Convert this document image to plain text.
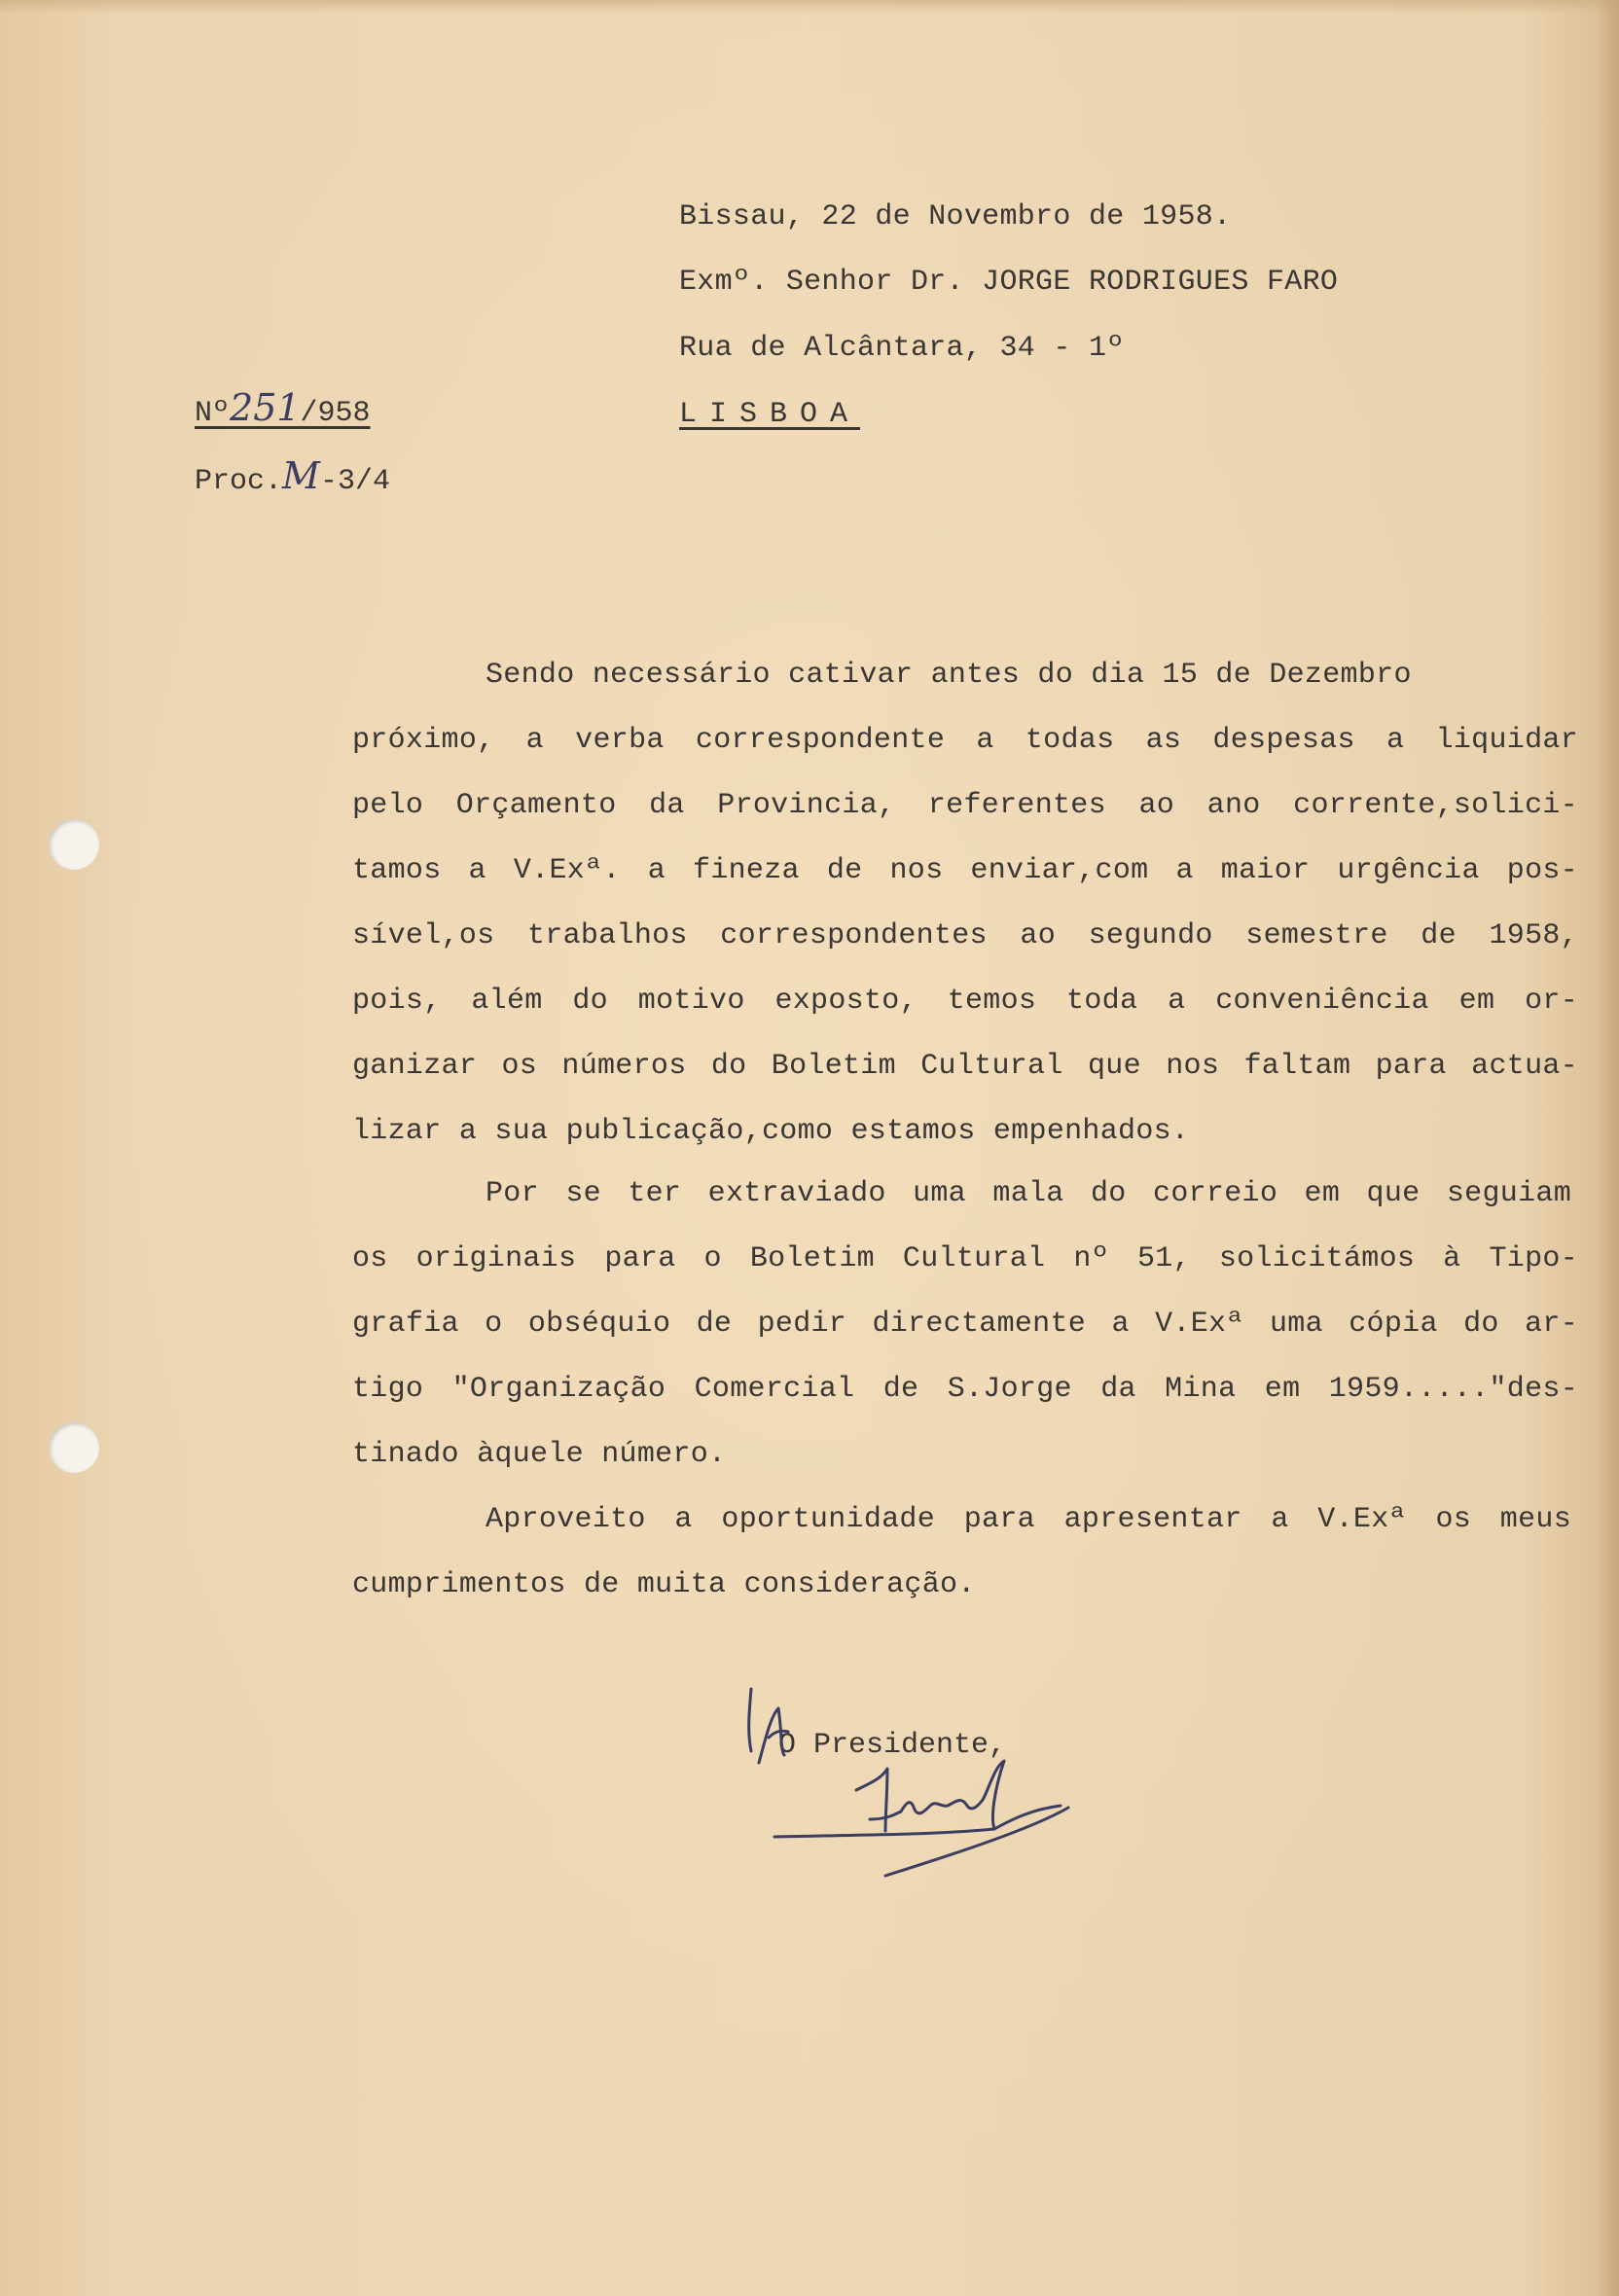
Bissau, 22 de Novembro de 1958.
Exmº. Senhor Dr. JORGE RODRIGUES FARO
Rua de Alcântara, 34 - 1º
LISBOA
Nº251/958
Proc.M-3/4
Sendo necessário cativar antes do dia 15 de Dezembro
próximo, a verba correspondente a todas as despesas a liquidar
pelo Orçamento da Provincia, referentes ao ano corrente,solici-
tamos a V.Exª. a fineza de nos enviar,com a maior urgência pos-
sível,os trabalhos correspondentes ao segundo semestre de 1958,
pois, além do motivo exposto, temos toda a conveniência em or-
ganizar os números do Boletim Cultural que nos faltam para actua-
lizar a sua publicação,como estamos empenhados.
Por se ter extraviado uma mala do correio em que seguiam
os originais para o Boletim Cultural nº 51, solicitámos à Tipo-
grafia o obséquio de pedir directamente a V.Exª uma cópia do ar-
tigo "Organização Comercial de S.Jorge da Mina em 1959....."des-
tinado àquele número.
Aproveito a oportunidade para apresentar a V.Exª os meus
cumprimentos de muita consideração.
O Presidente,
